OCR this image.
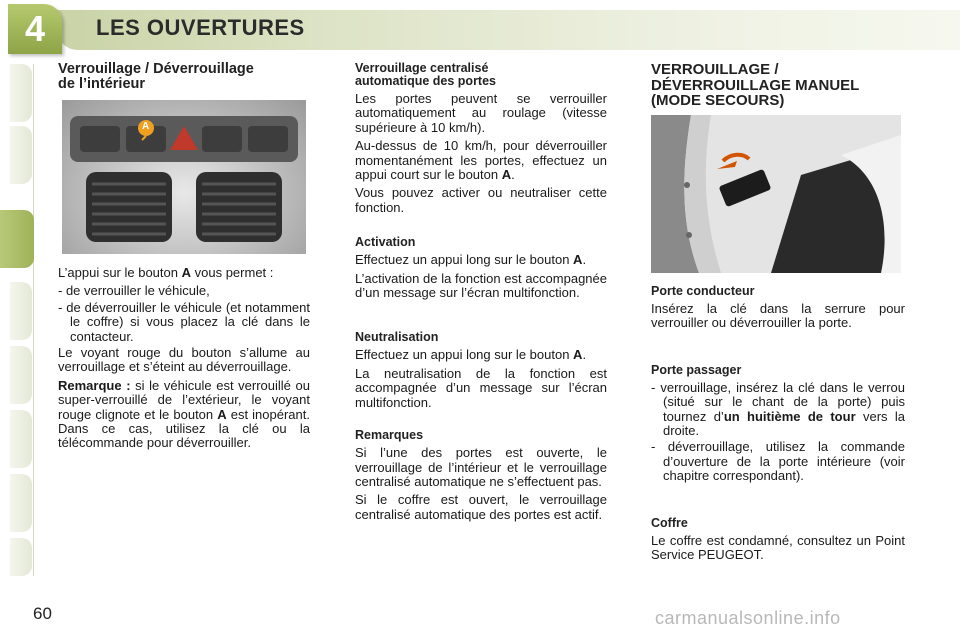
4	LES OUVERTURES
Verrouillage / Déverrouillage
de l’intérieur
A

L’appui sur le bouton A vous permet :

- de verrouiller le véhicule,
- de déverrouiller le véhicule (et notamment le coffre) si vous placez la clé dans le contacteur.

Le voyant rouge du bouton s’allume au verrouillage et s’éteint au déverrouillage.

Remarque : si le véhicule est verrouillé ou super-verrouillé de l’extérieur, le voyant rouge clignote et le bouton A est inopérant. Dans ce cas, utilisez la clé ou la télécommande pour déverrouiller.

Verrouillage centralisé
automatique des portes

Les portes peuvent se verrouiller automatiquement au roulage (vitesse supérieure à 10 km/h).

Au-dessus de 10 km/h, pour déverrouiller momentanément les portes, effectuez un appui court sur le bouton A.

Vous pouvez activer ou neutraliser cette fonction.

Activation

Effectuez un appui long sur le bouton A.

L’activation de la fonction est accompagnée d’un message sur l’écran multifonction.

Neutralisation

Effectuez un appui long sur le bouton A.

La neutralisation de la fonction est accompagnée d’un message sur l’écran multifonction.

Remarques

Si l’une des portes est ouverte, le verrouillage de l’intérieur et le verrouillage centralisé automatique ne s’effectuent pas.

Si le coffre est ouvert, le verrouillage centralisé automatique des portes est actif.

VERROUILLAGE /
DÉVERROUILLAGE MANUEL
(MODE SECOURS)
Porte conducteur

Insérez la clé dans la serrure pour verrouiller ou déverrouiller la porte.

Porte passager
- verrouillage, insérez la clé dans le verrou (situé sur le chant de la porte) puis tournez d’un huitième de tour vers la droite.
- déverrouillage, utilisez la commande d’ouverture de la porte intérieure (voir chapitre correspondant).
Coffre

Le coffre est condamné, consultez un Point Service PEUGEOT.

60	carmanualsonline.info
